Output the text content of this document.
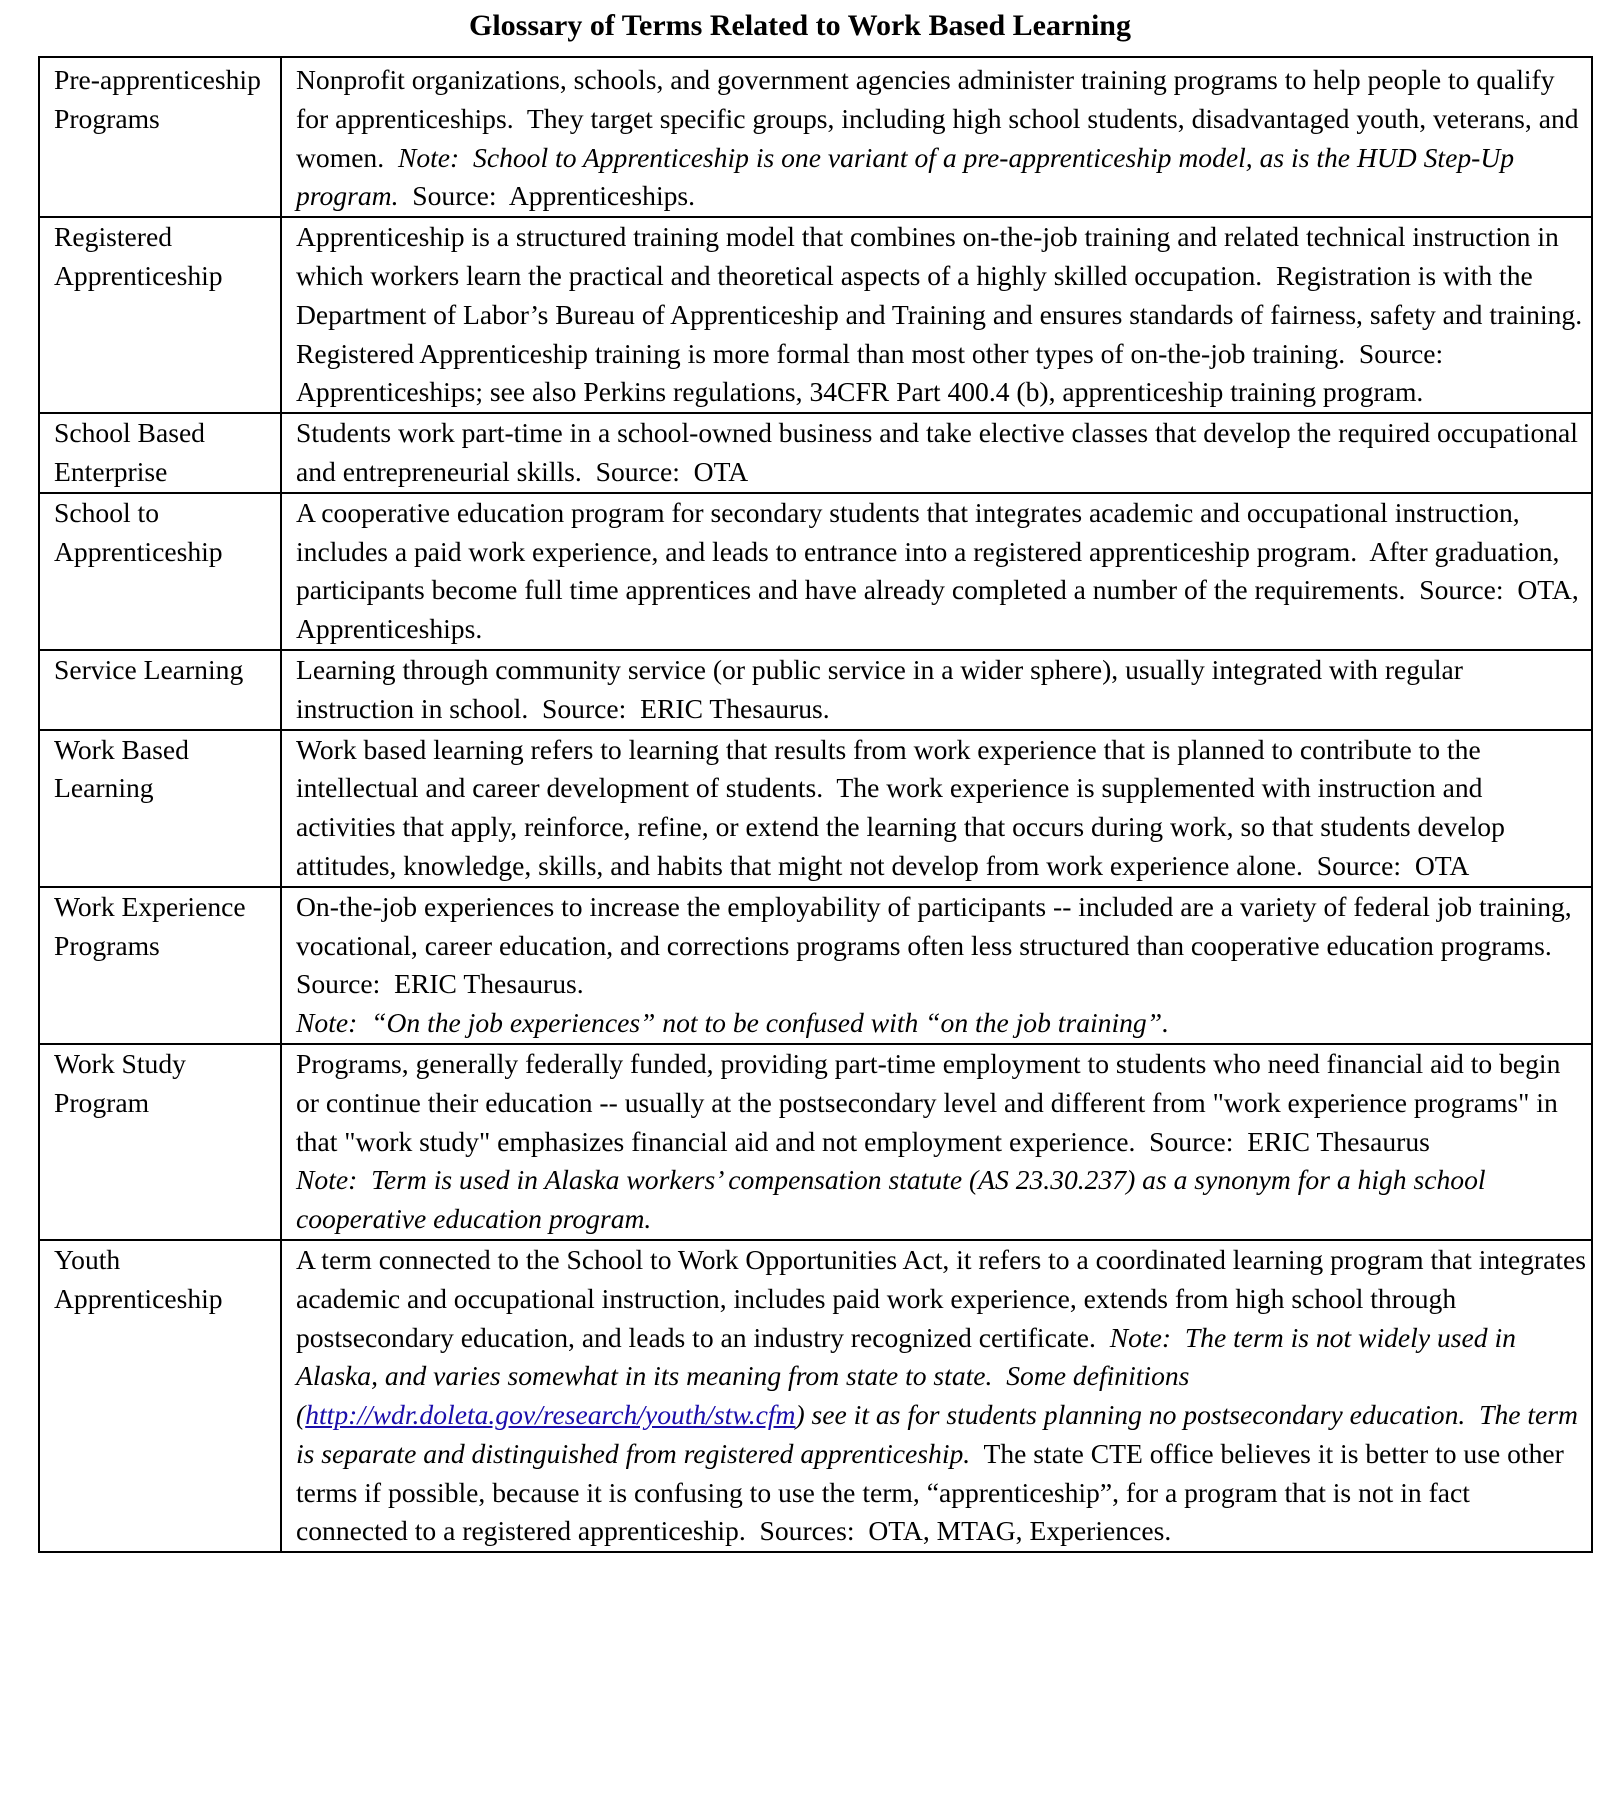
Glossary of Terms Related to Work Based Learning
Pre-apprenticeship Programs	Nonprofit organizations, schools, and government agencies administer training programs to help people to qualify for apprenticeships.  They target specific groups, including high school students, disadvantaged youth, veterans, and women.  Note:  School to Apprenticeship is one variant of a pre-apprenticeship model, as is the HUD Step-Up program.  Source:  Apprenticeships.
Registered Apprenticeship	Apprenticeship is a structured training model that combines on-the-job training and related technical instruction in which workers learn the practical and theoretical aspects of a highly skilled occupation.  Registration is with the Department of Labor’s Bureau of Apprenticeship and Training and ensures standards of fairness, safety and training.  Registered Apprenticeship training is more formal than most other types of on-the-job training.  Source:  Apprenticeships; see also Perkins regulations, 34CFR Part 400.4 (b), apprenticeship training program.
School Based Enterprise	Students work part-time in a school-owned business and take elective classes that develop the required occupational and entrepreneurial skills.  Source:  OTA
School to Apprenticeship	A cooperative education program for secondary students that integrates academic and occupational instruction, includes a paid work experience, and leads to entrance into a registered apprenticeship program.  After graduation, participants become full time apprentices and have already completed a number of the requirements.  Source:  OTA, Apprenticeships.
Service Learning	Learning through community service (or public service in a wider sphere), usually integrated with regular instruction in school.  Source:  ERIC Thesaurus.
Work Based Learning	Work based learning refers to learning that results from work experience that is planned to contribute to the intellectual and career development of students.  The work experience is supplemented with instruction and activities that apply, reinforce, refine, or extend the learning that occurs during work, so that students develop attitudes, knowledge, skills, and habits that might not develop from work experience alone.  Source:  OTA
Work Experience Programs	On-the-job experiences to increase the employability of participants -- included are a variety of federal job training, vocational, career education, and corrections programs often less structured than cooperative education programs.  Source:  ERIC Thesaurus.
Note:  “On the job experiences” not to be confused with “on the job training”.
Work Study Program	Programs, generally federally funded, providing part-time employment to students who need financial aid to begin or continue their education -- usually at the postsecondary level and different from "work experience programs" in that "work study" emphasizes financial aid and not employment experience.  Source:  ERIC Thesaurus
Note:  Term is used in Alaska workers’ compensation statute (AS 23.30.237) as a synonym for a high school cooperative education program.
Youth Apprenticeship	A term connected to the School to Work Opportunities Act, it refers to a coordinated learning program that integrates academic and occupational instruction, includes paid work experience, extends from high school through postsecondary education, and leads to an industry recognized certificate.  Note:  The term is not widely used in Alaska, and varies somewhat in its meaning from state to state.  Some definitions (http://wdr.doleta.gov/research/youth/stw.cfm) see it as for students planning no postsecondary education.  The term is separate and distinguished from registered apprenticeship.  The state CTE office believes it is better to use other terms if possible, because it is confusing to use the term, “apprenticeship”, for a program that is not in fact connected to a registered apprenticeship.  Sources:  OTA, MTAG, Experiences.
